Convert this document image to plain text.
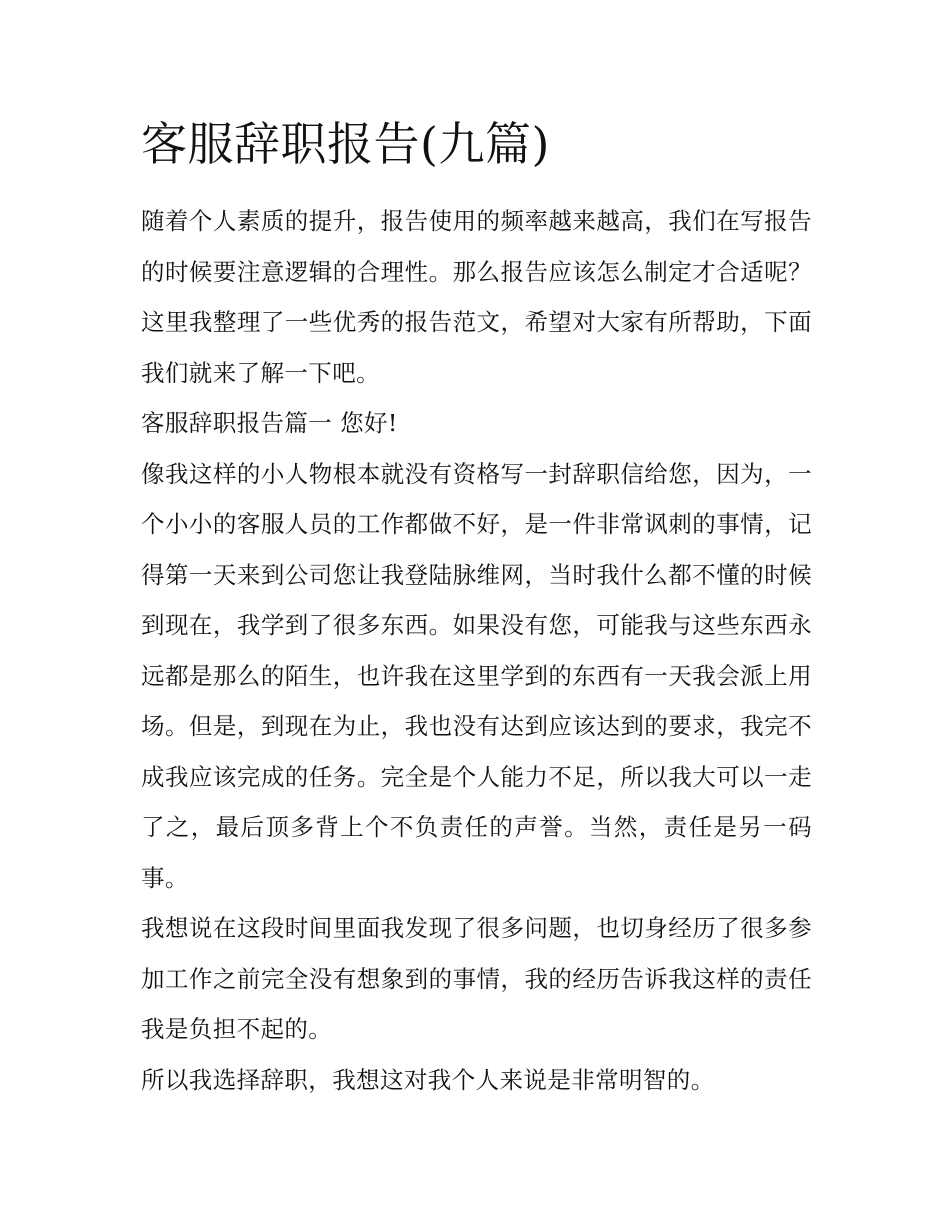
客服辞职报告(九篇)

随着个人素质的提升，报告使用的频率越来越高，我们在写报告的时候要注意逻辑的合理性。那么报告应该怎么制定才合适呢？这里我整理了一些优秀的报告范文，希望对大家有所帮助，下面我们就来了解一下吧。

客服辞职报告篇一 您好!

像我这样的小人物根本就没有资格写一封辞职信给您，因为，一个小小的客服人员的工作都做不好，是一件非常讽刺的事情，记得第一天来到公司您让我登陆脉维网，当时我什么都不懂的时候到现在，我学到了很多东西。如果没有您，可能我与这些东西永远都是那么的陌生，也许我在这里学到的东西有一天我会派上用场。但是，到现在为止，我也没有达到应该达到的要求，我完不成我应该完成的任务。完全是个人能力不足，所以我大可以一走了之，最后顶多背上个不负责任的声誉。当然，责任是另一码事。

我想说在这段时间里面我发现了很多问题，也切身经历了很多参加工作之前完全没有想象到的事情，我的经历告诉我这样的责任我是负担不起的。

所以我选择辞职，我想这对我个人来说是非常明智的。
